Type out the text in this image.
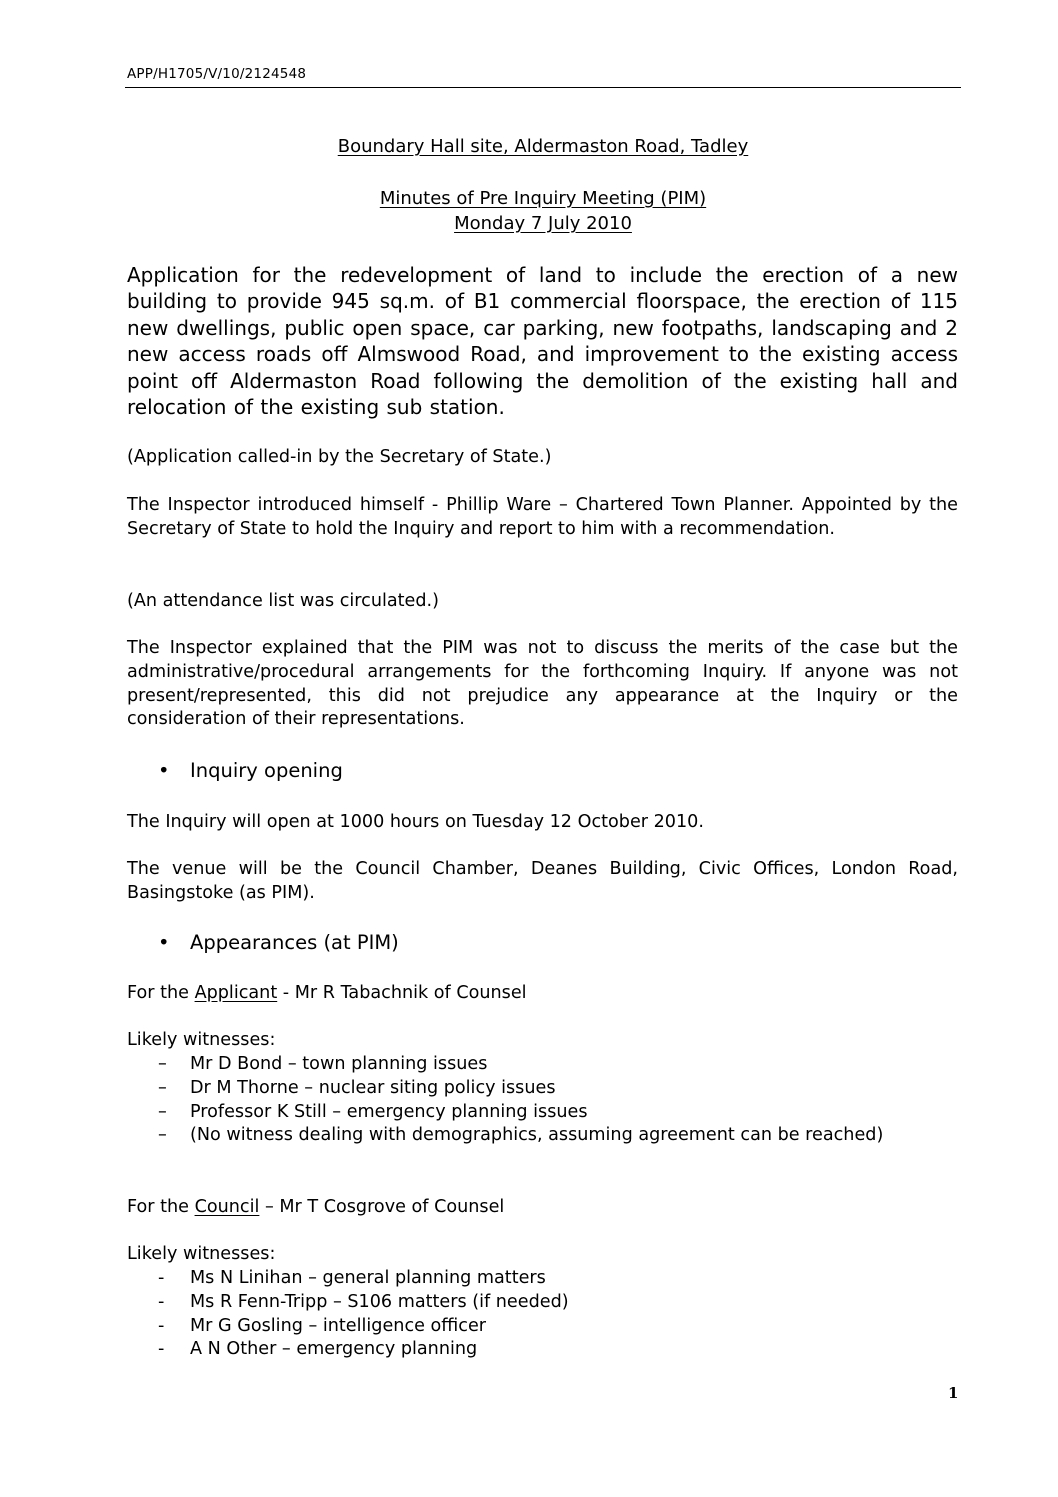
APP/H1705/V/10/2124548
Boundary Hall site, Aldermaston Road, Tadley
Minutes of Pre Inquiry Meeting (PIM)
Monday 7 July 2010
Application for the redevelopment of land to include the erection of a new building to provide 945 sq.m. of B1 commercial floorspace, the erection of 115 new dwellings, public open space, car parking, new footpaths, landscaping and 2 new access roads off Almswood Road, and improvement to the existing access point off Aldermaston Road following the demolition of the existing hall and relocation of the existing sub station.
(Application called-in by the Secretary of State.)
The Inspector introduced himself - Phillip Ware – Chartered Town Planner. Appointed by the Secretary of State to hold the Inquiry and report to him with a recommendation.
(An attendance list was circulated.)
The Inspector explained that the PIM was not to discuss the merits of the case but the administrative/procedural arrangements for the forthcoming Inquiry. If anyone was not present/represented, this did not prejudice any appearance at the Inquiry or the consideration of their representations.
• Inquiry opening
The Inquiry will open at 1000 hours on Tuesday 12 October 2010.
The venue will be the Council Chamber, Deanes Building, Civic Offices, London Road, Basingstoke (as PIM).
• Appearances (at PIM)
For the Applicant - Mr R Tabachnik of Counsel
Likely witnesses:
– Mr D Bond – town planning issues
– Dr M Thorne – nuclear siting policy issues
– Professor K Still – emergency planning issues
– (No witness dealing with demographics, assuming agreement can be reached)
For the Council – Mr T Cosgrove of Counsel
Likely witnesses:
- Ms N Linihan – general planning matters
- Ms R Fenn-Tripp – S106 matters (if needed)
- Mr G Gosling – intelligence officer
- A N Other – emergency planning
1
